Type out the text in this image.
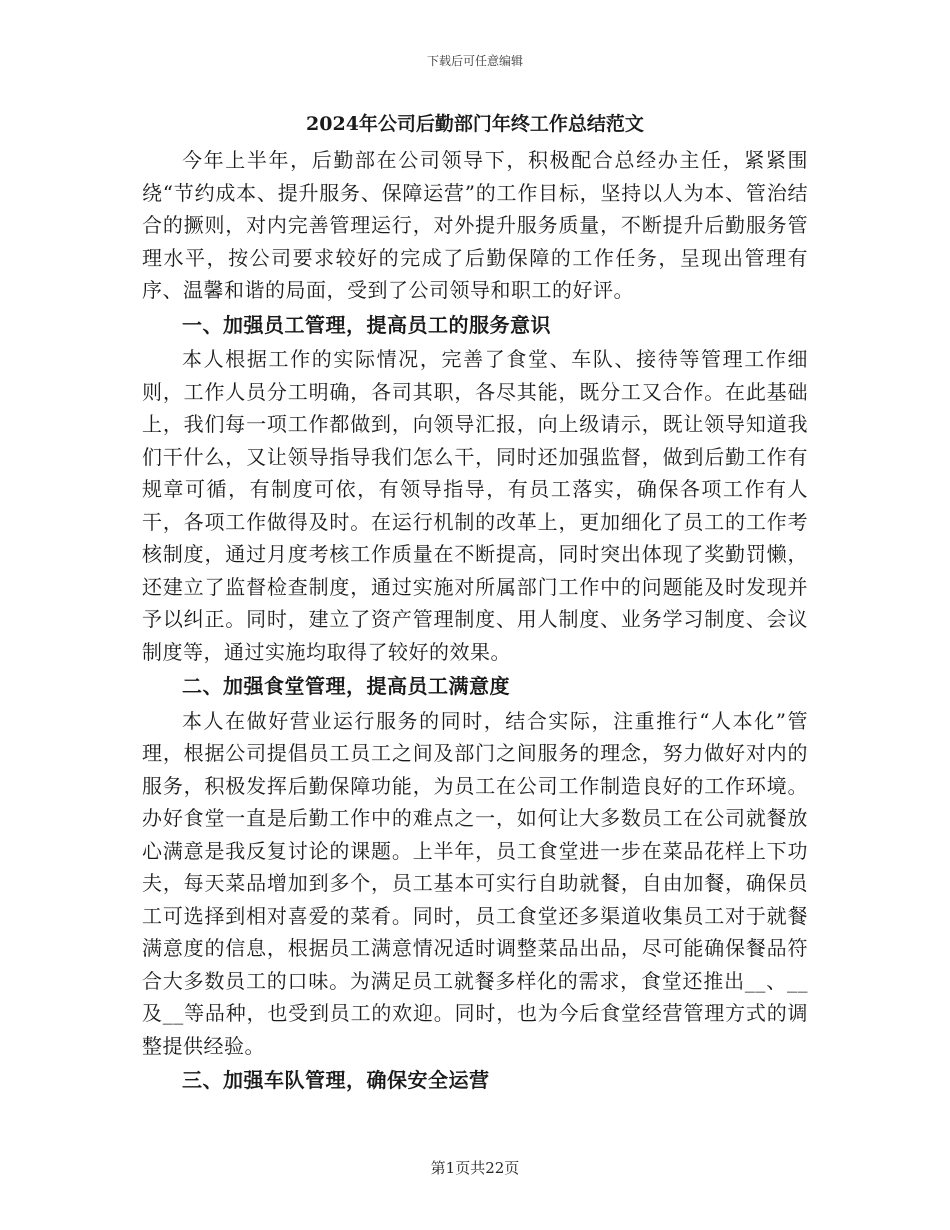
下载后可任意编辑
2024年公司后勤部门年终工作总结范文

今年上半年，后勤部在公司领导下，积极配合总经办主任，紧紧围绕“节约成本、提升服务、保障运营”的工作目标，坚持以人为本、管治结合的撅则，对内完善管理运行，对外提升服务质量，不断提升后勤服务管理水平，按公司要求较好的完成了后勤保障的工作任务，呈现出管理有序、温馨和谐的局面，受到了公司领导和职工的好评。

一、加强员工管理，提高员工的服务意识

本人根据工作的实际情况，完善了食堂、车队、接待等管理工作细则，工作人员分工明确，各司其职，各尽其能，既分工又合作。在此基础上，我们每一项工作都做到，向领导汇报，向上级请示，既让领导知道我们干什么，又让领导指导我们怎么干，同时还加强监督，做到后勤工作有规章可循，有制度可依，有领导指导，有员工落实，确保各项工作有人干，各项工作做得及时。在运行机制的改革上，更加细化了员工的工作考核制度，通过月度考核工作质量在不断提高，同时突出体现了奖勤罚懒，还建立了监督检查制度，通过实施对所属部门工作中的问题能及时发现并予以纠正。同时，建立了资产管理制度、用人制度、业务学习制度、会议制度等，通过实施均取得了较好的效果。

二、加强食堂管理，提高员工满意度

本人在做好营业运行服务的同时，结合实际，注重推行“人本化”管理，根据公司提倡员工员工之间及部门之间服务的理念，努力做好对内的服务，积极发挥后勤保障功能，为员工在公司工作制造良好的工作环境。办好食堂一直是后勤工作中的难点之一，如何让大多数员工在公司就餐放心满意是我反复讨论的课题。上半年，员工食堂进一步在菜品花样上下功夫，每天菜品增加到多个，员工基本可实行自助就餐，自由加餐，确保员工可选择到相对喜爱的菜肴。同时，员工食堂还多渠道收集员工对于就餐满意度的信息，根据员工满意情况适时调整菜品出品，尽可能确保餐品符合大多数员工的口味。为满足员工就餐多样化的需求，食堂还推出__、__及__等品种，也受到员工的欢迎。同时，也为今后食堂经营管理方式的调整提供经验。

三、加强车队管理，确保安全运营

第1页共22页
